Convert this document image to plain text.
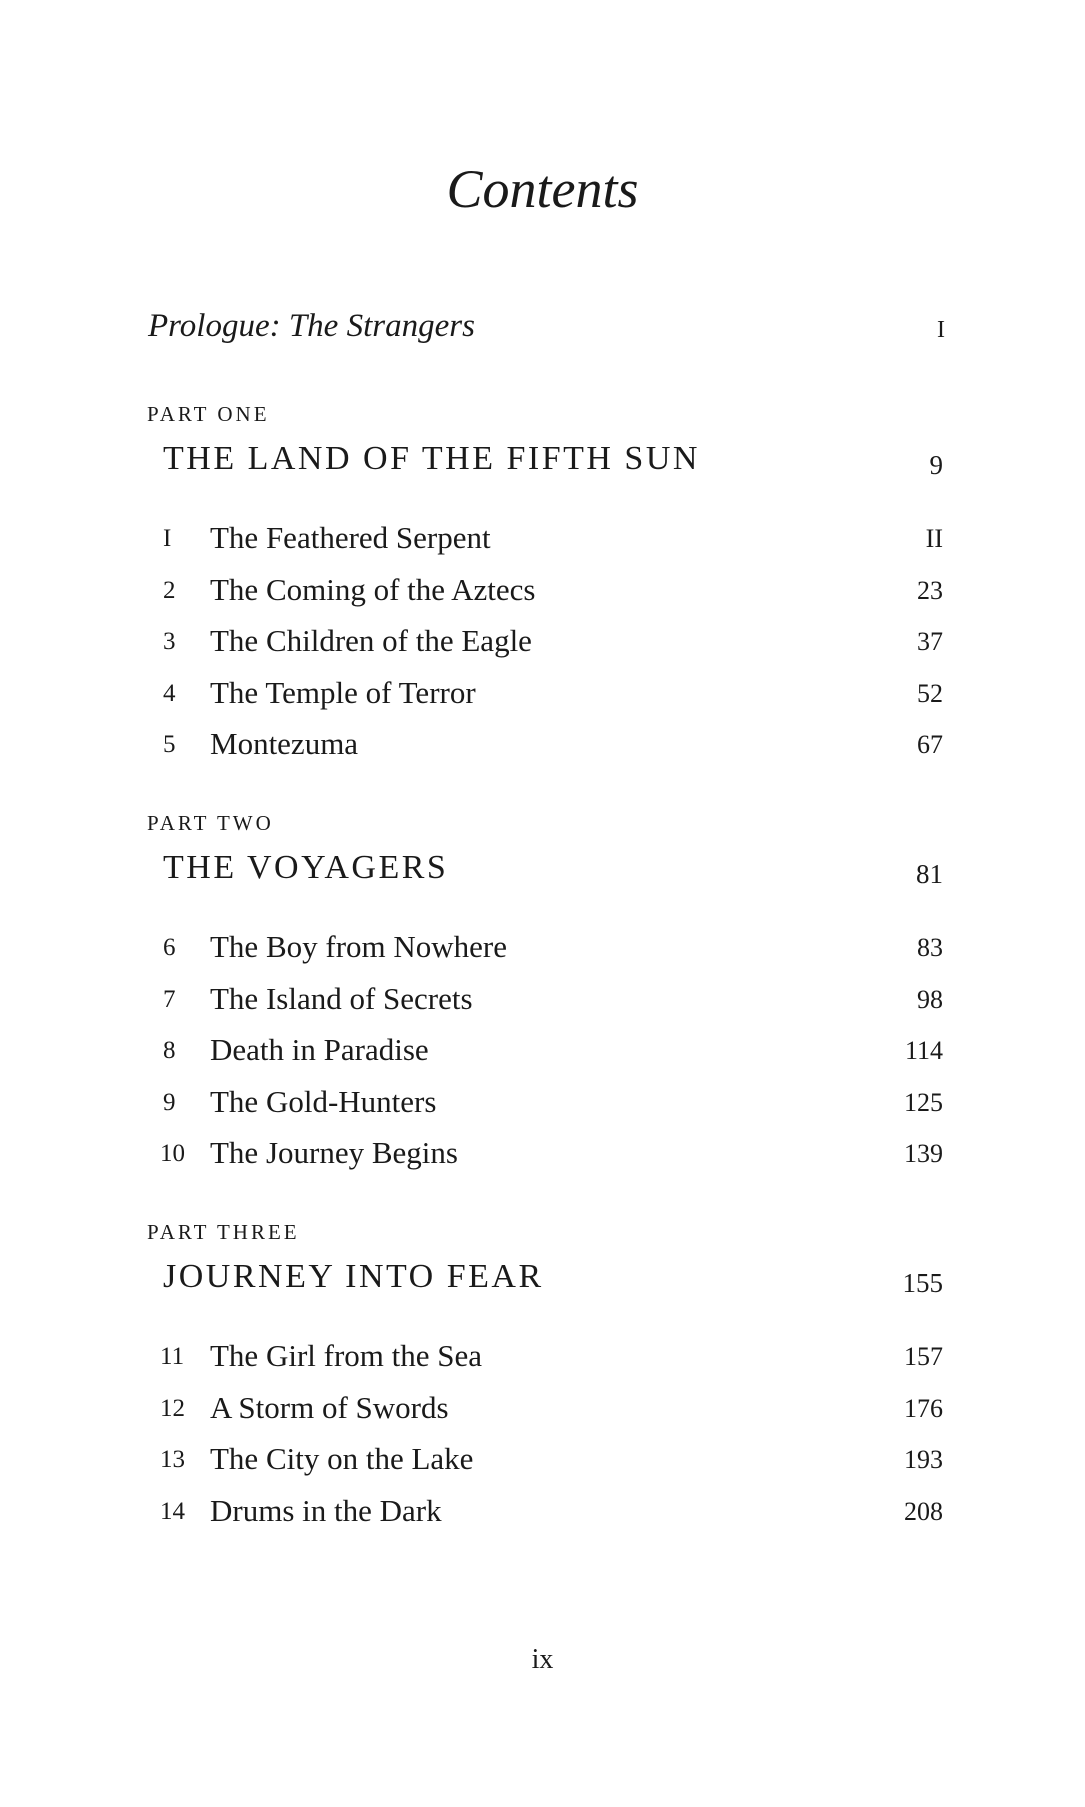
Contents
Prologue: The Strangers	I
PART ONE
THE LAND OF THE FIFTH SUN	9
I The Feathered Serpent	II
2 The Coming of the Aztecs	23
3 The Children of the Eagle	37
4 The Temple of Terror	52
5 Montezuma	67
PART TWO
THE VOYAGERS	81
6 The Boy from Nowhere	83
7 The Island of Secrets	98
8 Death in Paradise	114
9 The Gold-Hunters	125
10 The Journey Begins	139
PART THREE
JOURNEY INTO FEAR	155
11 The Girl from the Sea	157
12 A Storm of Swords	176
13 The City on the Lake	193
14 Drums in the Dark	208
ix
